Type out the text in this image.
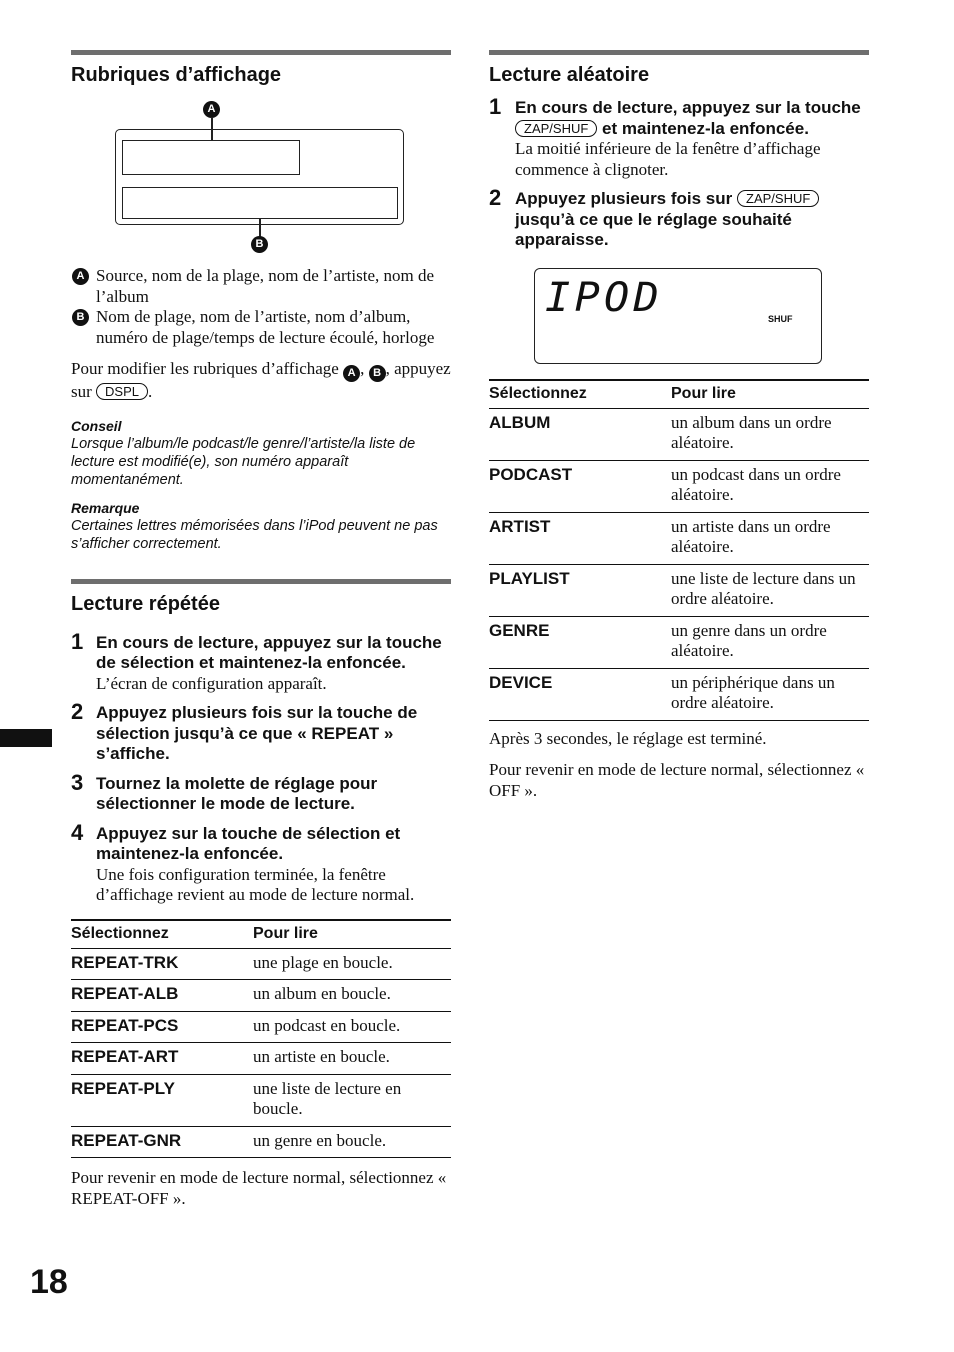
Rubriques d’affichage
A
B
A Source, nom de la plage, nom de l’artiste, nom de l’album
B Nom de plage, nom de l’artiste, nom d’album, numéro de plage/temps de lecture écoulé, horloge

Pour modifier les rubriques d’affichage A , B , appuyez sur DSPL .

Conseil
Lorsque l’album/le podcast/le genre/l’artiste/la liste de lecture est modifié(e), son numéro apparaît momentanément.
Remarque
Certaines lettres mémorisées dans l’iPod peuvent ne pas s’afficher correctement.
Lecture répétée
1 En cours de lecture, appuyez sur la touche de sélection et maintenez-la enfoncée.
L’écran de configuration apparaît.
2 Appuyez plusieurs fois sur la touche de sélection jusqu’à ce que « REPEAT » s’affiche.
3 Tournez la molette de réglage pour sélectionner le mode de lecture.
4 Appuyez sur la touche de sélection et maintenez-la enfoncée.
Une fois configuration terminée, la fenêtre d’affichage revient au mode de lecture normal.
Sélectionnez	Pour lire
REPEAT-TRK	une plage en boucle.
REPEAT-ALB	un album en boucle.
REPEAT-PCS	un podcast en boucle.
REPEAT-ART	un artiste en boucle.
REPEAT-PLY	une liste de lecture en boucle.
REPEAT-GNR	un genre en boucle.

Pour revenir en mode de lecture normal, sélectionnez « REPEAT-OFF ».

Lecture aléatoire
1 En cours de lecture, appuyez sur la touche ZAP/SHUF et maintenez-la enfoncée.
La moitié inférieure de la fenêtre d’affichage commence à clignoter.
2 Appuyez plusieurs fois sur ZAP/SHUF jusqu’à ce que le réglage souhaité apparaisse.
IPOD	SHUF
Sélectionnez	Pour lire
ALBUM	un album dans un ordre aléatoire.
PODCAST	un podcast dans un ordre aléatoire.
ARTIST	un artiste dans un ordre aléatoire.
PLAYLIST	une liste de lecture dans un ordre aléatoire.
GENRE	un genre dans un ordre aléatoire.
DEVICE	un périphérique dans un ordre aléatoire.

Après 3 secondes, le réglage est terminé.

Pour revenir en mode de lecture normal, sélectionnez « OFF ».

18
